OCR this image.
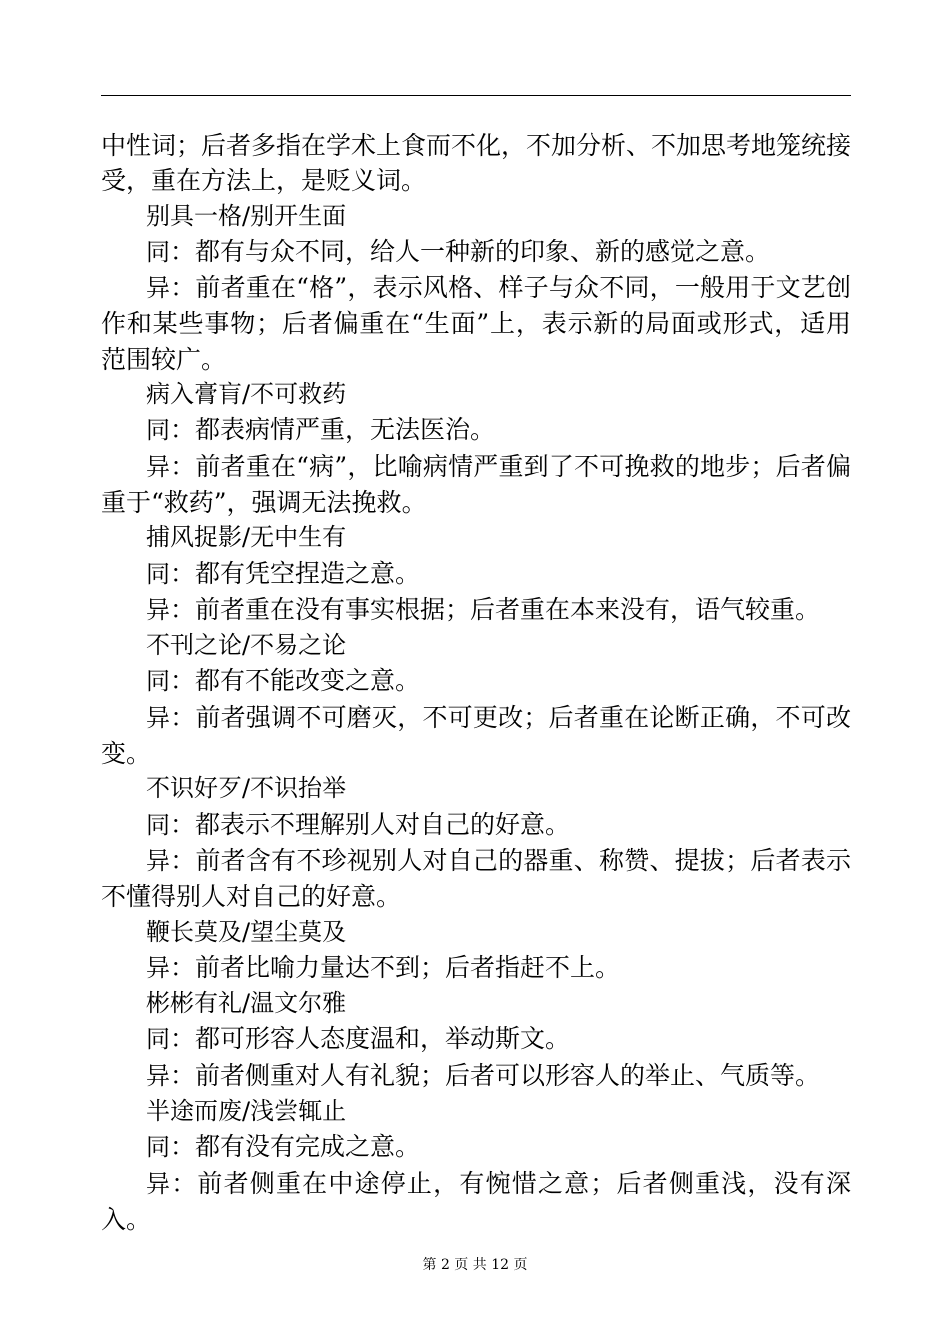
中性词；后者多指在学术上食而不化，不加分析、不加思考地笼统接受，重在方法上，是贬义词。

别具一格/别开生面

同：都有与众不同，给人一种新的印象、新的感觉之意。

异：前者重在“格”，表示风格、样子与众不同，一般用于文艺创作和某些事物；后者偏重在“生面”上，表示新的局面或形式，适用范围较广。

病入膏肓/不可救药

同：都表病情严重，无法医治。

异：前者重在“病”，比喻病情严重到了不可挽救的地步；后者偏重于“救药”，强调无法挽救。

捕风捉影/无中生有

同：都有凭空捏造之意。

异：前者重在没有事实根据；后者重在本来没有，语气较重。

不刊之论/不易之论

同：都有不能改变之意。

异：前者强调不可磨灭，不可更改；后者重在论断正确，不可改变。

不识好歹/不识抬举

同：都表示不理解别人对自己的好意。

异：前者含有不珍视别人对自己的器重、称赞、提拔；后者表示不懂得别人对自己的好意。

鞭长莫及/望尘莫及

异：前者比喻力量达不到；后者指赶不上。

彬彬有礼/温文尔雅

同：都可形容人态度温和，举动斯文。

异：前者侧重对人有礼貌；后者可以形容人的举止、气质等。

半途而废/浅尝辄止

同：都有没有完成之意。

异：前者侧重在中途停止，有惋惜之意；后者侧重浅，没有深入。

第 2 页 共 12 页
